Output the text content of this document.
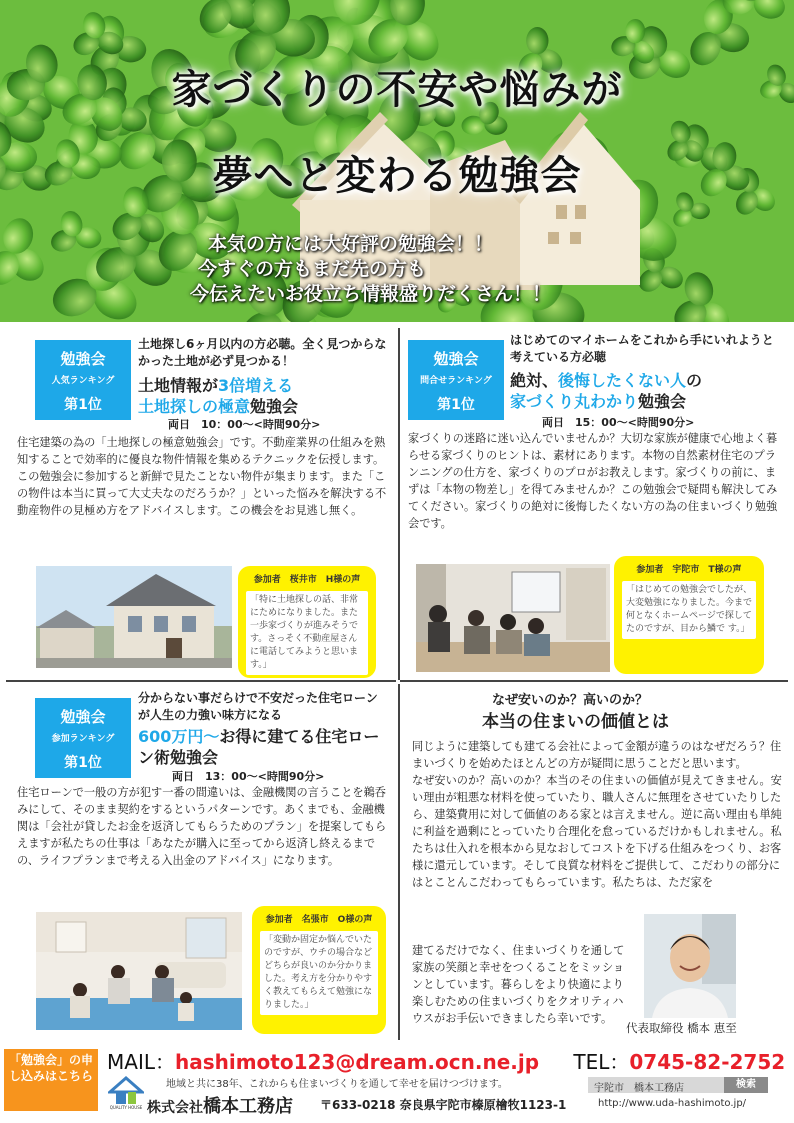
家づくりの不安や悩みが
夢へと変わる勉強会
本気の方には大好評の勉強会！！
今すぐの方もまだ先の方も
今伝えたいお役立ち情報盛りだくさん！！
勉強会
人気ランキング
第1位
土地探し6ヶ月以内の方必聴。全く見つからなかった土地が必ず見つかる！
土地情報が3倍増える
土地探しの極意勉強会
両日　10：00～<時間90分>
住宅建築の為の「土地探しの極意勉強会」です。不動産業界の仕組みを熟知することで効率的に優良な物件情報を集めるテクニックを伝授します。この勉強会に参加すると新鮮で見たことない物件が集まります。また「この物件は本当に買って大丈夫なのだろうか？」といった悩みを解決する不動産物件の見極め方をアドバイスします。この機会をお見逃し無く。
参加者　桜井市　H様の声
「特に土地探しの話、非常にためになりました。また一歩家づくりが進みそうです。さっそく不動産屋さんに電話してみようと思います。」
勉強会
問合せランキング
第1位
はじめてのマイホームをこれから手にいれようと考えている方必聴
絶対、後悔したくない人の
家づくり丸わかり勉強会
両日　15：00～<時間90分>
家づくりの迷路に迷い込んでいませんか？大切な家族が健康で心地よく暮らせる家づくりのヒントは、素材にあります。本物の自然素材住宅のプランニングの仕方を、家づくりのプロがお教えします。家づくりの前に、まずは「本物の物差し」を得てみませんか？この勉強会で疑問も解決してみてください。家づくりの絶対に後悔したくない方の為の住まいづくり勉強会です。
参加者　宇陀市　T様の声
「はじめての勉強会でしたが、大変勉強になりました。今まで何となくホームページで探してたのですが、目から鱗で す。」
勉強会
参加ランキング
第1位
分からない事だらけで不安だった住宅ローンが人生の力強い味方になる
600万円～お得に建てる住宅ローン術勉強会
両日　13：00～<時間90分>
住宅ローンで一般の方が犯す一番の間違いは、金融機関の言うことを鵜呑みにして、そのまま契約をするというパターンです。あくまでも、金融機関は「会社が貸したお金を返済してもらうためのプラン」を提案してもらえますが私たちの仕事は「あなたが購入に至ってから返済し終えるまでの、ライフプランまで考える入出金のアドバイス」になります。
参加者　名張市　O様の声
「変動か固定か悩んでいたのですが、ウチの場合などどちらが良いのか分かりました。考え方を分かりやすく教えてもらえて勉強になりました。」
なぜ安いのか？高いのか？
本当の住まいの価値とは
同じように建築しても建てる会社によって金額が違うのはなぜだろう？住まいづくりを始めたほとんどの方が疑問に思うことだと思います。
なぜ安いのか？高いのか？本当のその住まいの価値が見えてきません。安い理由が粗悪な材料を使っていたり、職人さんに無理をさせていたりしたら、建築費用に対して価値のある家とは言えません。逆に高い理由も単純に利益を過剰にとっていたり合理化を怠っているだけかもしれません。私たちは仕入れを根本から見なおしてコストを下げる仕組みをつくり、お客様に還元しています。そして良質な材料をご提供して、こだわりの部分にはとことんこだわってもらっています。私たちは、ただ家を
建てるだけでなく、住まいづくりを通して家族の笑顔と幸せをつくることをミッションとしています。暮らしをより快適により楽しむための住まいづくりをクオリティハウスがお手伝いできましたら幸いです。
代表取締役 橋本 恵至
「勉強会」の申し込みはこちら
MAIL：hashimoto123@dream.ocn.ne.jp TEL：0745-82-2752
QUALITY HOUSE
地域と共に38年、これからも住まいづくりを通して幸せを届けつづけます。
株式会社橋本工務店 〒633-0218 奈良県宇陀市榛原檜牧1123-1
宇陀市　橋本工務店	検索
http://www.uda-hashimoto.jp/
